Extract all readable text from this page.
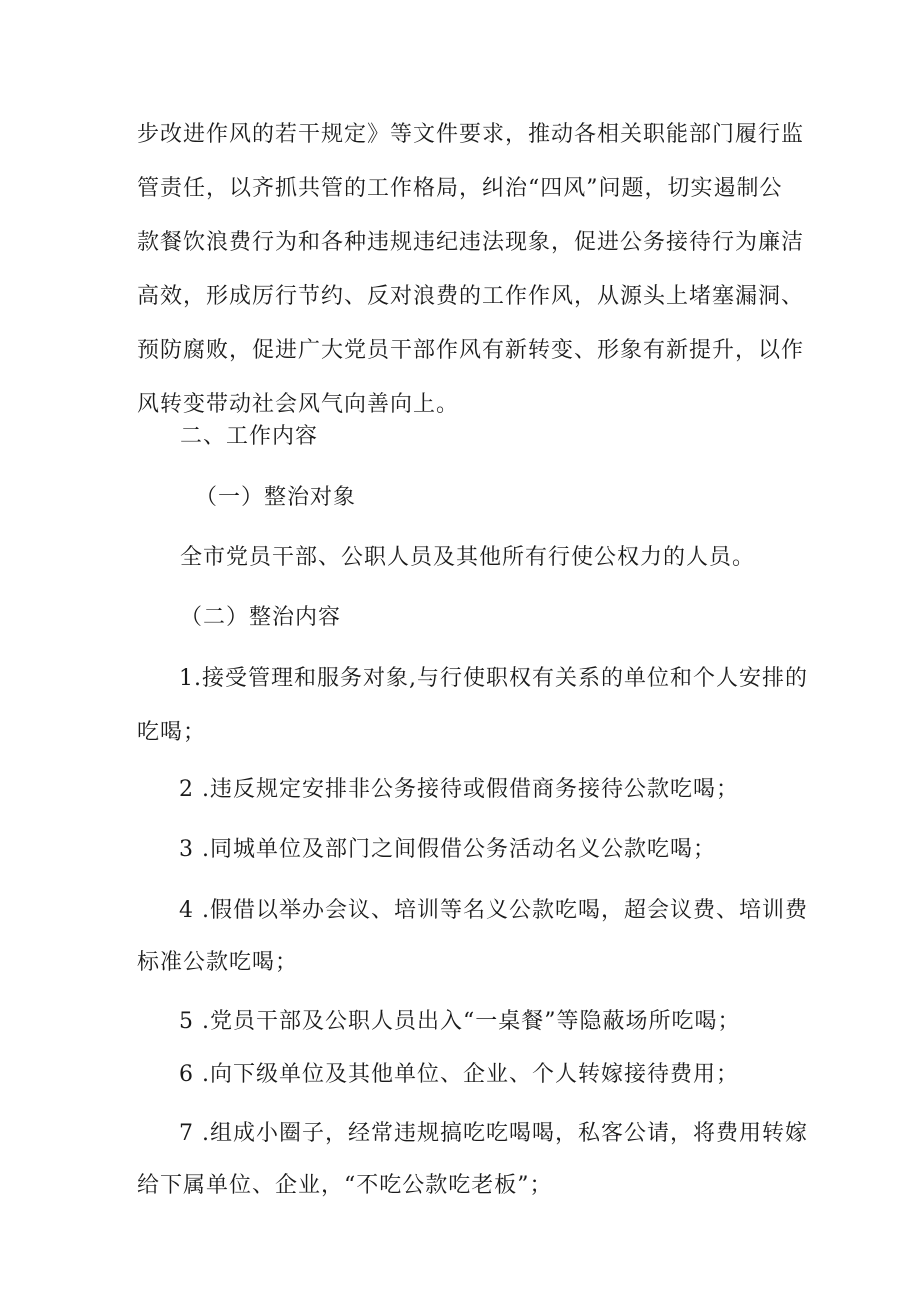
步改进作风的若干规定》等文件要求，推动各相关职能部门履行监
管责任，以齐抓共管的工作格局，纠治“四风”问题，切实遏制公
款餐饮浪费行为和各种违规违纪违法现象，促进公务接待行为廉洁
高效，形成厉行节约、反对浪费的工作作风，从源头上堵塞漏洞、
预防腐败，促进广大党员干部作风有新转变、形象有新提升，以作
风转变带动社会风气向善向上。
二、工作内容
（一）整治对象
全市党员干部、公职人员及其他所有行使公权力的人员。
（二）整治内容
1.接受管理和服务对象,与行使职权有关系的单位和个人安排的
吃喝；
2 .违反规定安排非公务接待或假借商务接待公款吃喝；
3 .同城单位及部门之间假借公务活动名义公款吃喝；
4 .假借以举办会议、培训等名义公款吃喝，超会议费、培训费
标准公款吃喝；
5 .党员干部及公职人员出入“一桌餐”等隐蔽场所吃喝；
6 .向下级单位及其他单位、企业、个人转嫁接待费用；
7 .组成小圈子，经常违规搞吃吃喝喝，私客公请，将费用转嫁
给下属单位、企业，“不吃公款吃老板”；
